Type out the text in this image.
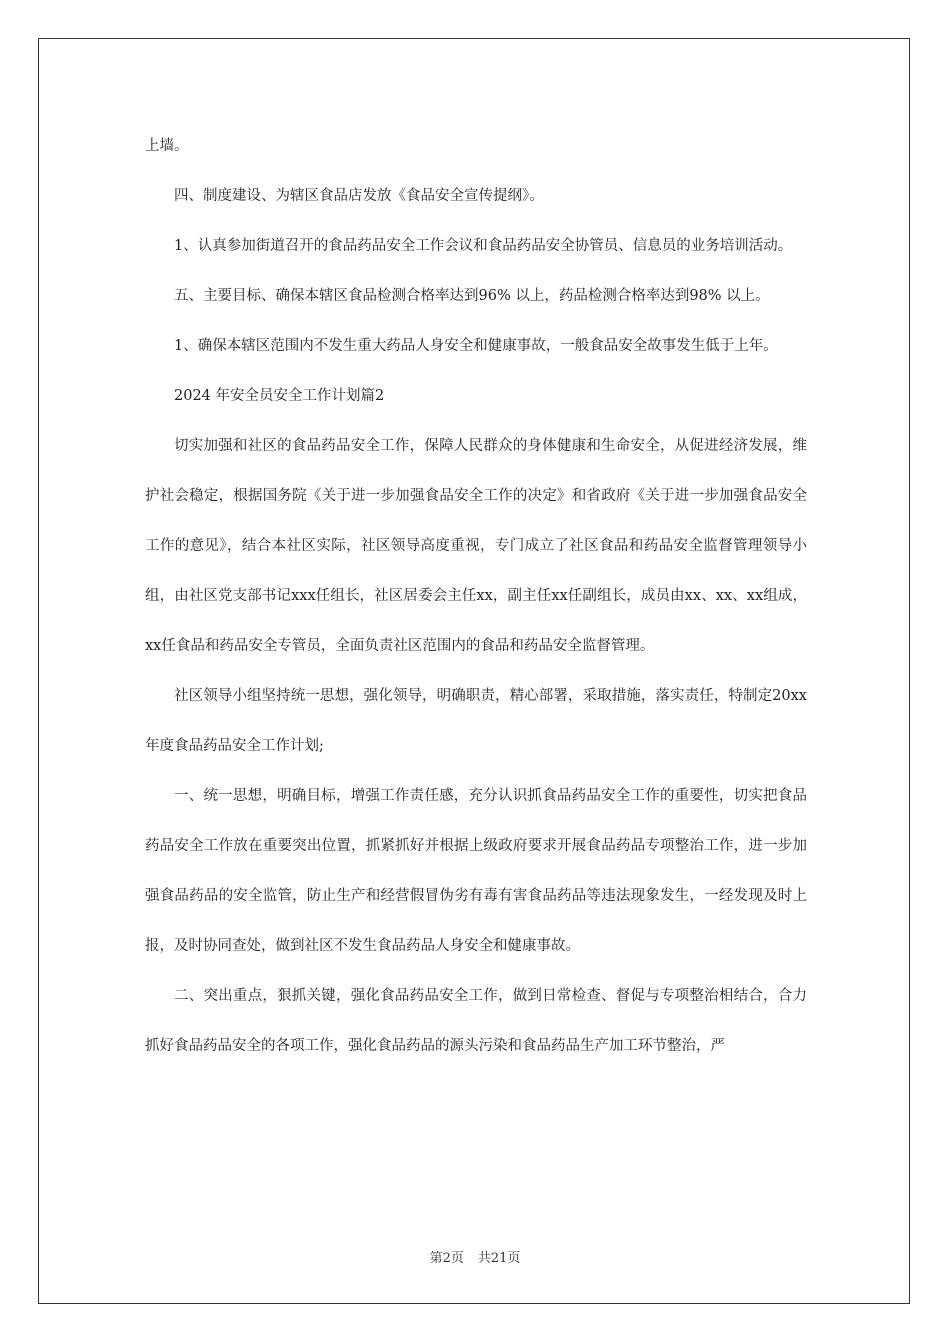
上墙。

四、制度建设、为辖区食品店发放《食品安全宣传提纲》。

1、认真参加街道召开的食品药品安全工作会议和食品药品安全协管员、信息员的业务培训活动。

五、主要目标、确保本辖区食品检测合格率达到96% 以上，药品检测合格率达到98% 以上。

1、确保本辖区范围内不发生重大药品人身安全和健康事故，一般食品安全故事发生低于上年。

2024 年安全员安全工作计划篇2

切实加强和社区的食品药品安全工作，保障人民群众的身体健康和生命安全，从促进经济发展，维护社会稳定，根据国务院《关于进一步加强食品安全工作的决定》和省政府《关于进一步加强食品安全工作的意见》，结合本社区实际，社区领导高度重视，专门成立了社区食品和药品安全监督管理领导小组，由社区党支部书记xxx任组长，社区居委会主任xx，副主任xx任副组长，成员由xx、xx、xx组成，xx任食品和药品安全专管员，全面负责社区范围内的食品和药品安全监督管理。

社区领导小组坚持统一思想，强化领导，明确职责，精心部署，采取措施，落实责任，特制定20xx 年度食品药品安全工作计划;

一、统一思想，明确目标，增强工作责任感，充分认识抓食品药品安全工作的重要性，切实把食品药品安全工作放在重要突出位置，抓紧抓好并根据上级政府要求开展食品药品专项整治工作，进一步加强食品药品的安全监管，防止生产和经营假冒伪劣有毒有害食品药品等违法现象发生，一经发现及时上报，及时协同查处，做到社区不发生食品药品人身安全和健康事故。

二、突出重点，狠抓关键，强化食品药品安全工作，做到日常检查、督促与专项整治相结合，合力抓好食品药品安全的各项工作，强化食品药品的源头污染和食品药品生产加工环节整治，严

第2页 共21页
